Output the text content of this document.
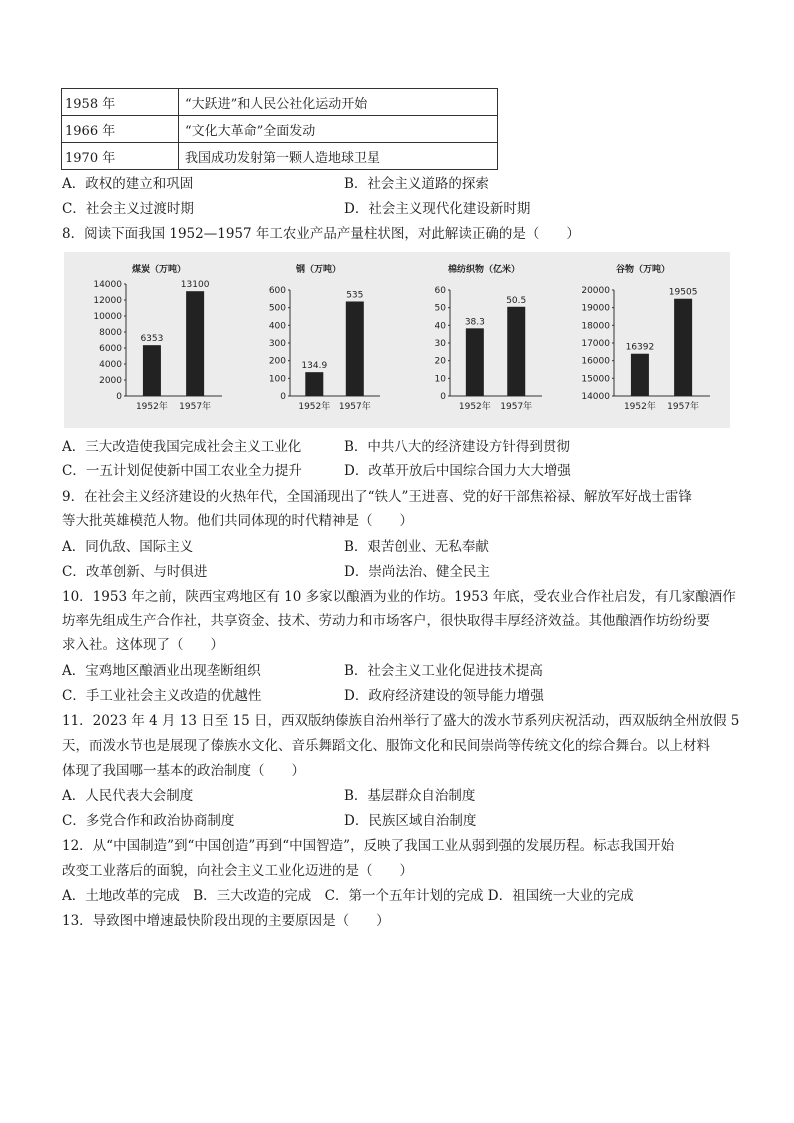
1958 年	“大跃进”和人民公社化运动开始
1966 年	“文化大革命”全面发动
1970 年	我国成功发射第一颗人造地球卫星
A．政权的建立和巩固	B．社会主义道路的探索
C．社会主义过渡时期	D．社会主义现代化建设新时期
8．阅读下面我国 1952—1957 年工农业产品产量柱状图，对此解读正确的是（　　）
煤炭（万吨）
14000
12000
10000
8000
6000
4000
2000
0
6353
1952年
13100
1957年
钢（万吨）
600
500
400
300
200
100
0
134.9
1952年
535
1957年
棉纺织物（亿米）
60
50
40
30
20
10
0
38.3
1952年
50.5
1957年
谷物（万吨）
20000
19000
18000
17000
16000
15000
14000
16392
1952年
19505
1957年
A．三大改造使我国完成社会主义工业化	B．中共八大的经济建设方针得到贯彻
C．一五计划促使新中国工农业全力提升	D．改革开放后中国综合国力大大增强
9．在社会主义经济建设的火热年代，全国涌现出了“铁人”王进喜、党的好干部焦裕禄、解放军好战士雷锋
等大批英雄模范人物。他们共同体现的时代精神是（　　）
A．同仇敌、国际主义	B．艰苦创业、无私奉献
C．改革创新、与时俱进	D．崇尚法治、健全民主
10．1953 年之前，陕西宝鸡地区有 10 多家以酿酒为业的作坊。1953 年底，受农业合作社启发，有几家酿酒作
坊率先组成生产合作社，共享资金、技术、劳动力和市场客户，很快取得丰厚经济效益。其他酿酒作坊纷纷要
求入社。这体现了（　　）
A．宝鸡地区酿酒业出现垄断组织	B．社会主义工业化促进技术提高
C．手工业社会主义改造的优越性	D．政府经济建设的领导能力增强
11．2023 年 4 月 13 日至 15 日，西双版纳傣族自治州举行了盛大的泼水节系列庆祝活动，西双版纳全州放假 5
天，而泼水节也是展现了傣族水文化、音乐舞蹈文化、服饰文化和民间崇尚等传统文化的综合舞台。以上材料
体现了我国哪一基本的政治制度（　　）
A．人民代表大会制度	B．基层群众自治制度
C．多党合作和政治协商制度	D．民族区域自治制度
12．从“中国制造”到“中国创造”再到“中国智造”，反映了我国工业从弱到强的发展历程。标志我国开始
改变工业落后的面貌，向社会主义工业化迈进的是（　　）
A．土地改革的完成　B．三大改造的完成　C．第一个五年计划的完成 D．祖国统一大业的完成
13．导致图中增速最快阶段出现的主要原因是（　　）
